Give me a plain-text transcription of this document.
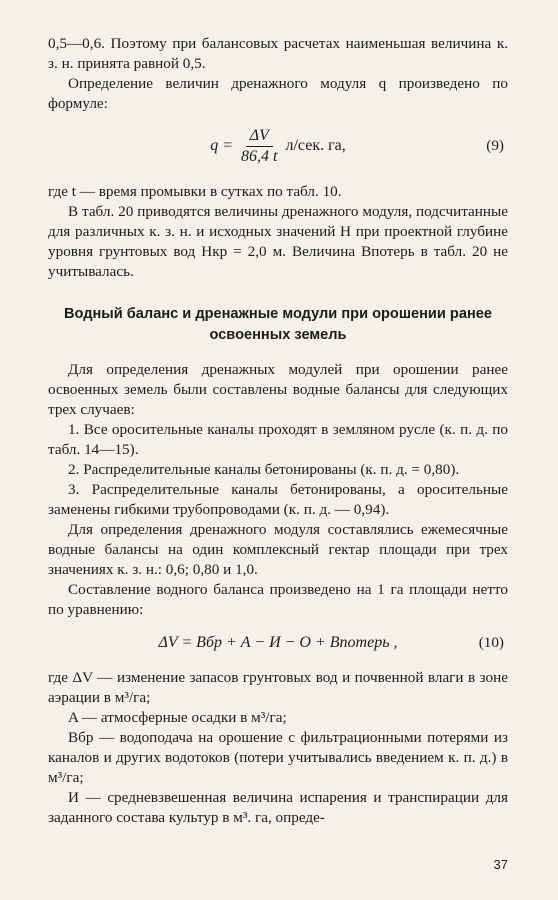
0,5—0,6. Поэтому при балансовых расчетах наименьшая величина к. з. н. принята равной 0,5.

Определение величин дренажного модуля q произведено по формуле:

$q = \frac{\Delta V}{86,4 t} л/сек$. га,	(9)

где t — время промывки в сутках по табл. 10.

В табл. 20 приводятся величины дренажного модуля, подсчитанные для различных к. з. н. и исходных значений H при проектной глубине уровня грунтовых вод Hкр = 2,0 м. Величина Bпотерь в табл. 20 не учитывалась.

Водный баланс и дренажные модули при орошении ранее освоенных земель

Для определения дренажных модулей при орошении ранее освоенных земель были составлены водные балансы для следующих трех случаев:

1. Все оросительные каналы проходят в земляном русле (к. п. д. по табл. 14—15).

2. Распределительные каналы бетонированы (к. п. д. = 0,80).

3. Распределительные каналы бетонированы, а оросительные заменены гибкими трубопроводами (к. п. д. — 0,94).

Для определения дренажного модуля составлялись ежемесячные водные балансы на один комплексный гектар площади при трех значениях к. з. н.: 0,6; 0,80 и 1,0.

Составление водного баланса произведено на 1 га площади нетто по уравнению:

ΔV = Bбр + A − И − O + Bпотерь ,	(10)

где ΔV — изменение запасов грунтовых вод и почвенной влаги в зоне аэрации в м³/га;

A — атмосферные осадки в м³/га;

Bбр — водоподача на орошение с фильтрационными потерями из каналов и других водотоков (потери учитывались введением к. п. д.) в м³/га;

И — средневзвешенная величина испарения и транспирации для заданного состава культур в м³. га, опреде-

37
